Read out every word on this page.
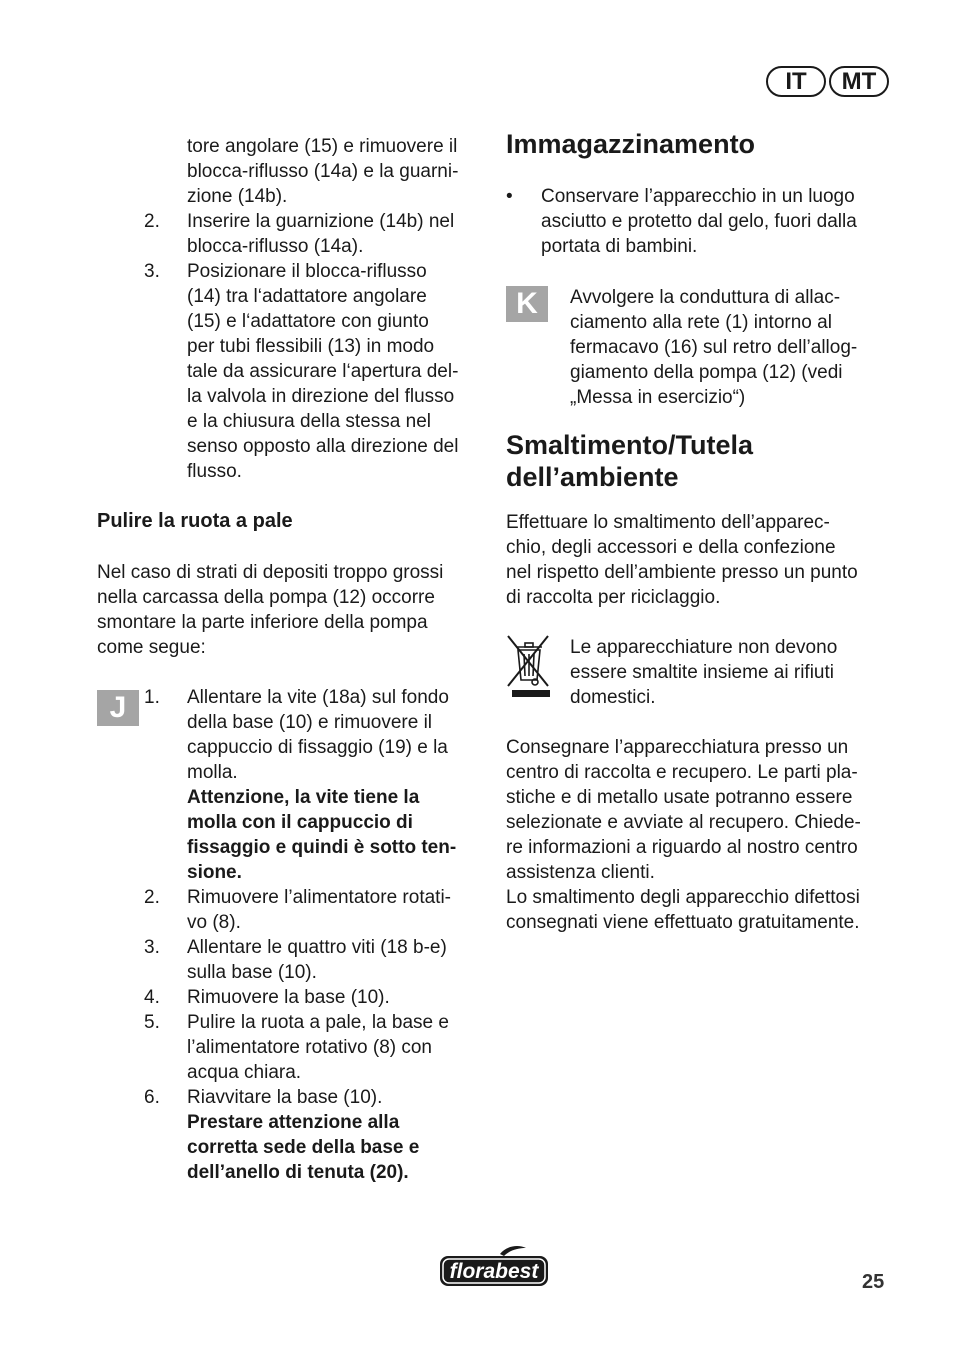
IT	MT
tore angolare (15) e rimuovere il
blocca-riflusso (14a) e la guarni-
zione (14b).
2. Inserire la guarnizione (14b) nel
blocca-riflusso (14a).
3. Posizionare il blocca-riflusso
(14) tra l‘adattatore angolare
(15) e l‘adattatore con giunto
per tubi flessibili (13) in modo
tale da assicurare l‘apertura del-
la valvola in direzione del flusso
e la chiusura della stessa nel
senso opposto alla direzione del
flusso.
Pulire la ruota a pale
Nel caso di strati di depositi troppo grossi
nella carcassa della pompa (12) occorre
smontare la parte inferiore della pompa
come segue:
J 1. Allentare la vite (18a) sul fondo
della base (10) e rimuovere il
cappuccio di fissaggio (19) e la
molla.
Attenzione, la vite tiene la
molla con il cappuccio di
fissaggio e quindi è sotto ten-
sione.
2. Rimuovere l’alimentatore rotati-
vo (8).
3. Allentare le quattro viti (18 b-e)
sulla base (10).
4. Rimuovere la base (10).
5. Pulire la ruota a pale, la base e
l’alimentatore rotativo (8) con
acqua chiara.
6. Riavvitare la base (10).
Prestare attenzione alla
corretta sede della base e
dell’anello di tenuta (20).
Immagazzinamento
• Conservare l’apparecchio in un luogo
asciutto e protetto dal gelo, fuori dalla
portata di bambini.
K	Avvolgere la conduttura di allac-
ciamento alla rete (1) intorno al
fermacavo (16) sul retro dell’allog-
giamento della pompa (12) (vedi
„Messa in esercizio“)
Smaltimento/Tutela
dell’ambiente
Effettuare lo smaltimento dell’apparec-
chio, degli accessori e della confezione
nel rispetto dell’ambiente presso un punto
di raccolta per riciclaggio.
Le apparecchiature non devono
essere smaltite insieme ai rifiuti
domestici.
Consegnare l’apparecchiatura presso un
centro di raccolta e recupero. Le parti pla-
stiche e di metallo usate potranno essere
selezionate e avviate al recupero. Chiede-
re informazioni a riguardo al nostro centro
assistenza clienti.
Lo smaltimento degli apparecchio difettosi
consegnati viene effettuato gratuitamente.
florabest	25
